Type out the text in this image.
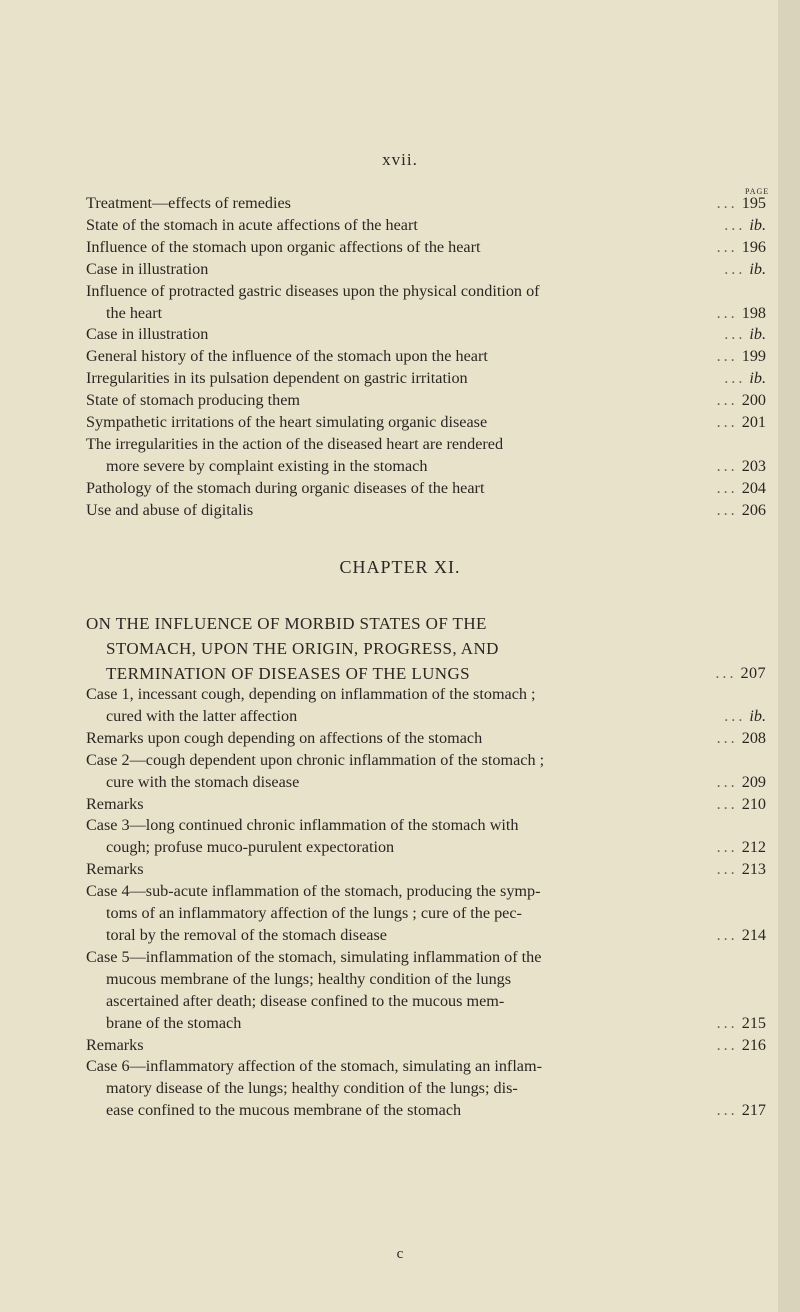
xvii.
PAGE
Treatment—effects of remedies	... 195
State of the stomach in acute affections of the heart	... ib.
Influence of the stomach upon organic affections of the heart	... 196
Case in illustration	... ib.
Influence of protracted gastric diseases upon the physical condition of
the heart	... 198
Case in illustration	... ib.
General history of the influence of the stomach upon the heart	... 199
Irregularities in its pulsation dependent on gastric irritation	... ib.
State of stomach producing them	... 200
Sympathetic irritations of the heart simulating organic disease	... 201
The irregularities in the action of the diseased heart are rendered
more severe by complaint existing in the stomach	... 203
Pathology of the stomach during organic diseases of the heart	... 204
Use and abuse of digitalis	... 206
CHAPTER XI.
ON THE INFLUENCE OF MORBID STATES OF THE
STOMACH, UPON THE ORIGIN, PROGRESS, AND
TERMINATION OF DISEASES OF THE LUNGS	... 207
Case 1, incessant cough, depending on inflammation of the stomach ;
cured with the latter affection	... ib.
Remarks upon cough depending on affections of the stomach	... 208
Case 2—cough dependent upon chronic inflammation of the stomach ;
cure with the stomach disease	... 209
Remarks	... 210
Case 3—long continued chronic inflammation of the stomach with
cough; profuse muco-purulent expectoration	... 212
Remarks	... 213
Case 4—sub-acute inflammation of the stomach, producing the symp-
toms of an inflammatory affection of the lungs ; cure of the pec-
toral by the removal of the stomach disease	... 214
Case 5—inflammation of the stomach, simulating inflammation of the
mucous membrane of the lungs; healthy condition of the lungs
ascertained after death; disease confined to the mucous mem-
brane of the stomach	... 215
Remarks	... 216
Case 6—inflammatory affection of the stomach, simulating an inflam-
matory disease of the lungs; healthy condition of the lungs; dis-
ease confined to the mucous membrane of the stomach	... 217
c
